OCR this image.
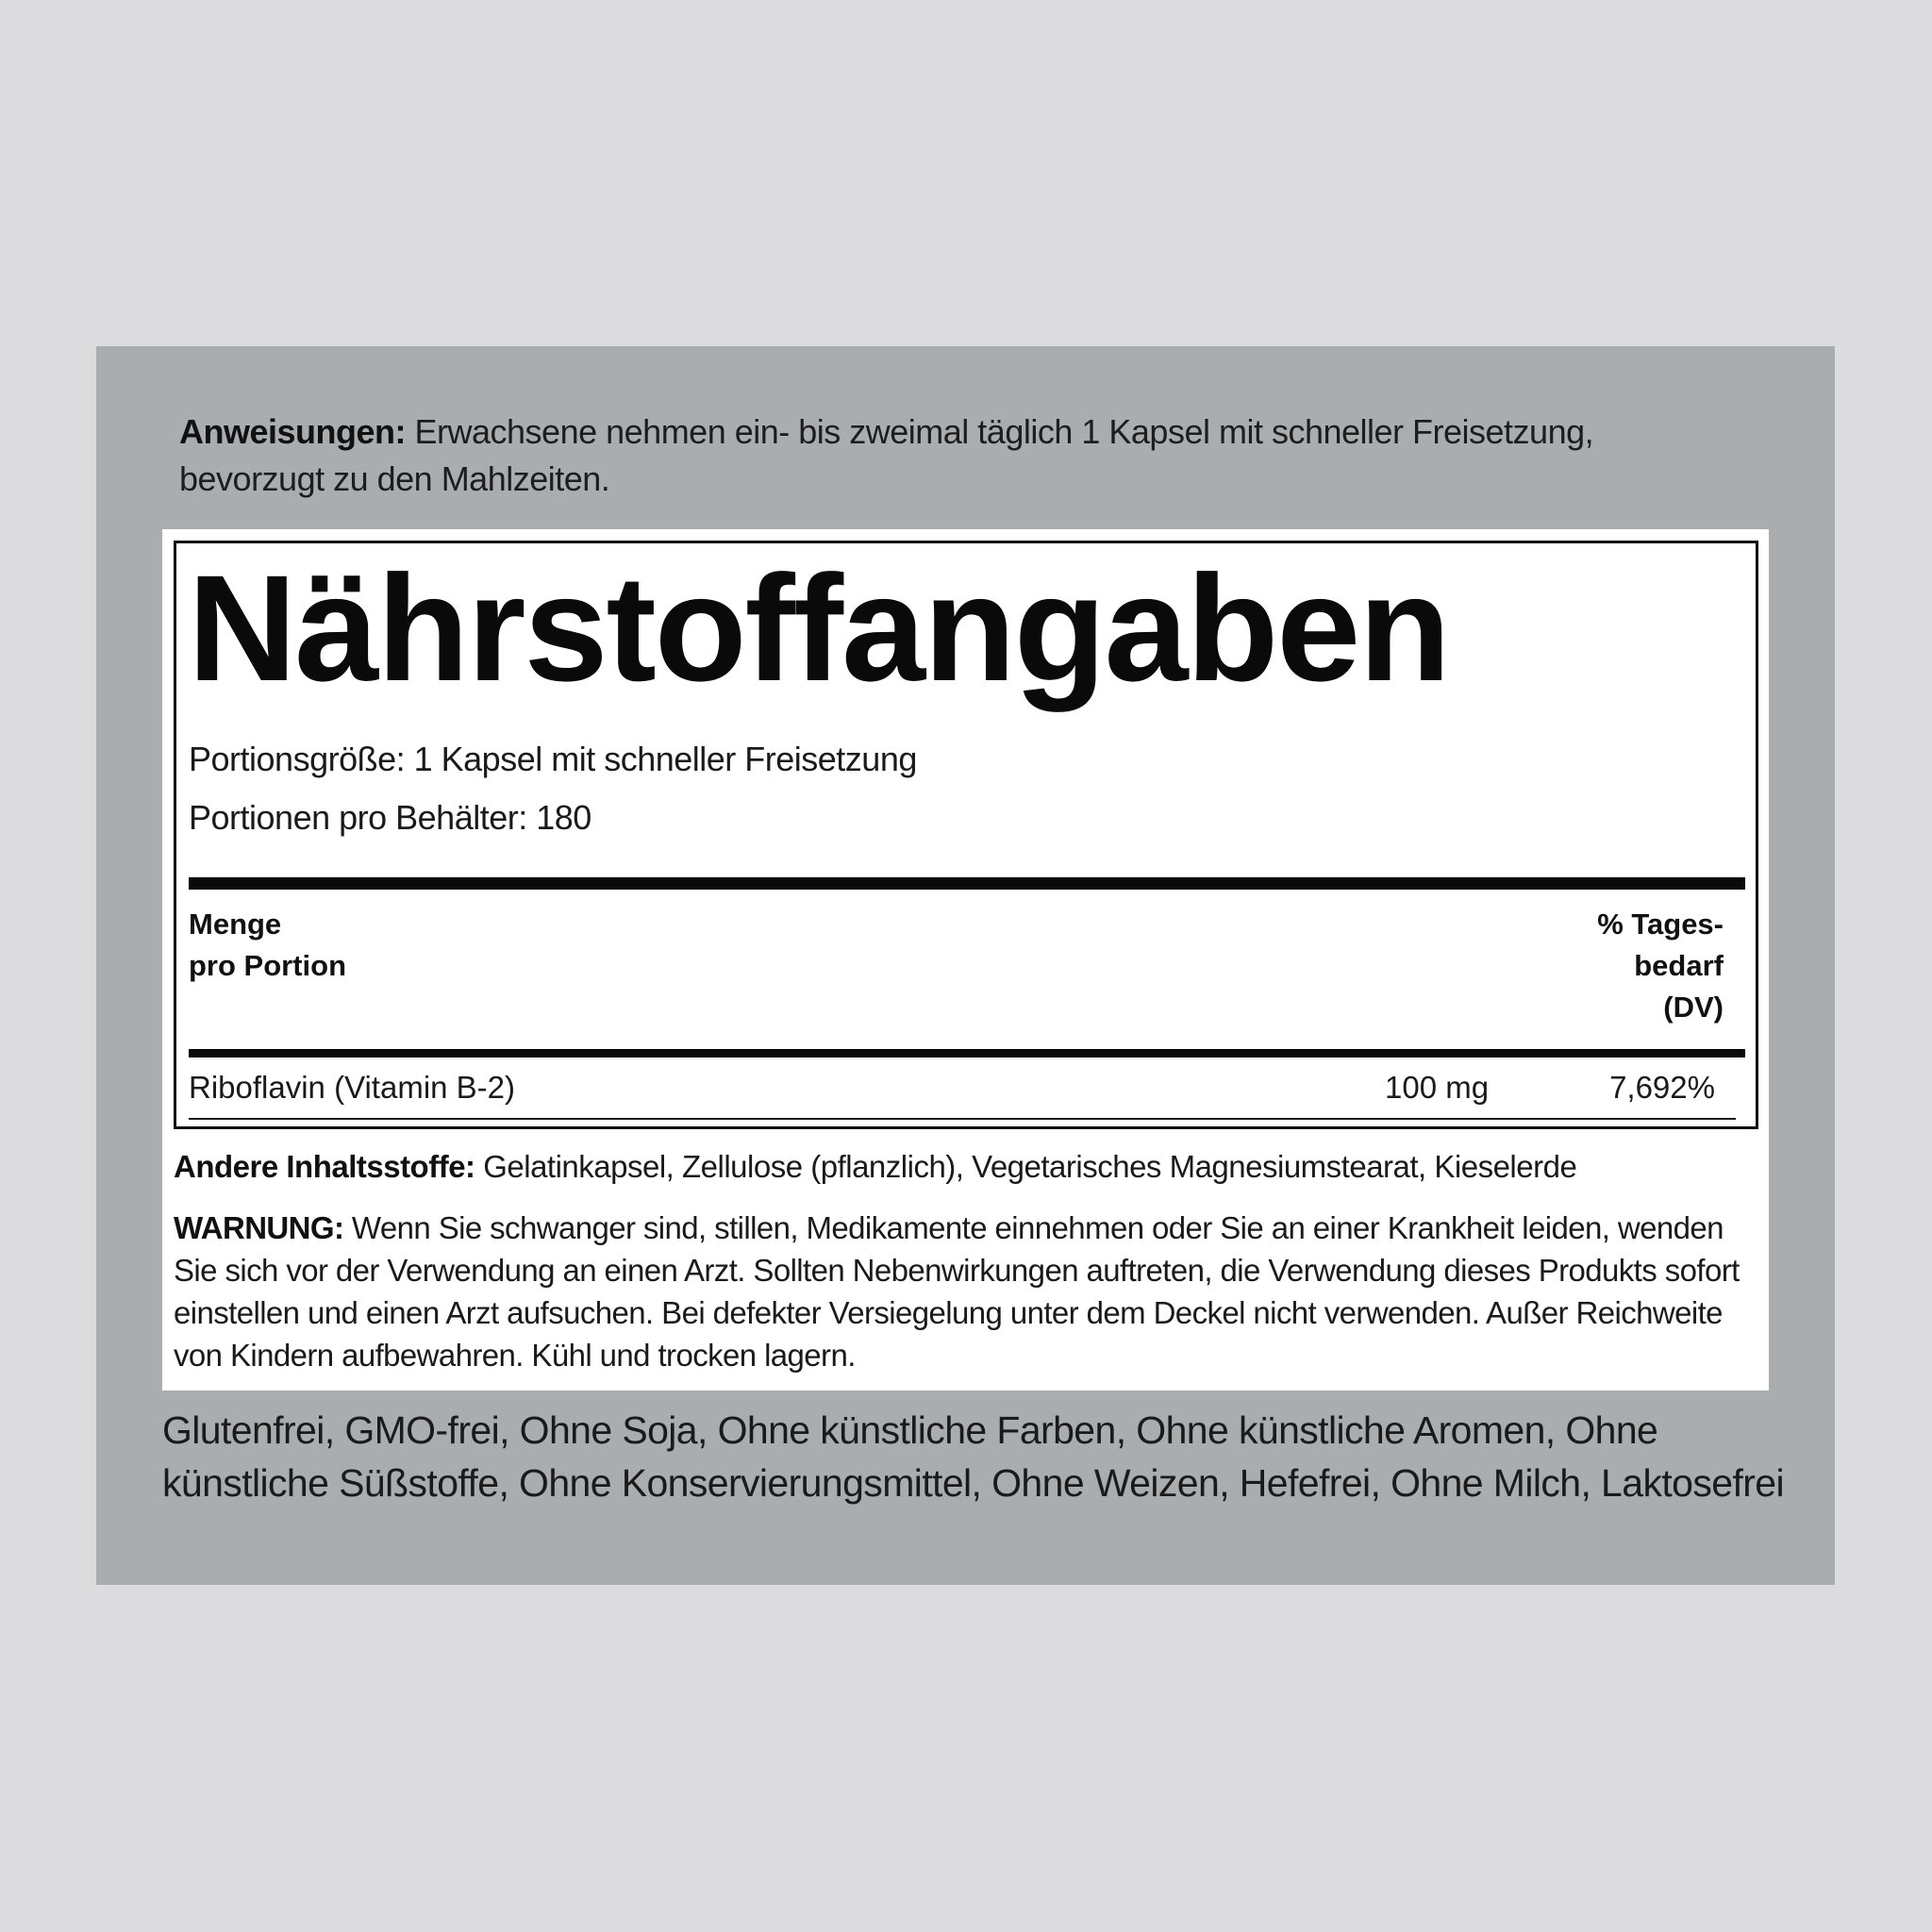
Anweisungen: Erwachsene nehmen ein- bis zweimal täglich 1 Kapsel mit schneller Freisetzung, bevorzugt zu den Mahlzeiten.
Nährstoffangaben
Portionsgröße: 1 Kapsel mit schneller Freisetzung
Portionen pro Behälter: 180
Menge
pro Portion
% Tages-
bedarf
(DV)
Riboflavin (Vitamin B-2)	100 mg	7,692%
Andere Inhaltsstoffe: Gelatinkapsel, Zellulose (pflanzlich), Vegetarisches Magnesiumstearat, Kieselerde
WARNUNG: Wenn Sie schwanger sind, stillen, Medikamente einnehmen oder Sie an einer Krankheit leiden, wenden Sie sich vor der Verwendung an einen Arzt. Sollten Nebenwirkungen auftreten, die Verwendung dieses Produkts sofort einstellen und einen Arzt aufsuchen. Bei defekter Versiegelung unter dem Deckel nicht verwenden. Außer Reichweite von Kindern aufbewahren. Kühl und trocken lagern.
Glutenfrei, GMO-frei, Ohne Soja, Ohne künstliche Farben, Ohne künstliche Aromen, Ohne künstliche Süßstoffe, Ohne Konservierungsmittel, Ohne Weizen, Hefefrei, Ohne Milch, Laktosefrei
